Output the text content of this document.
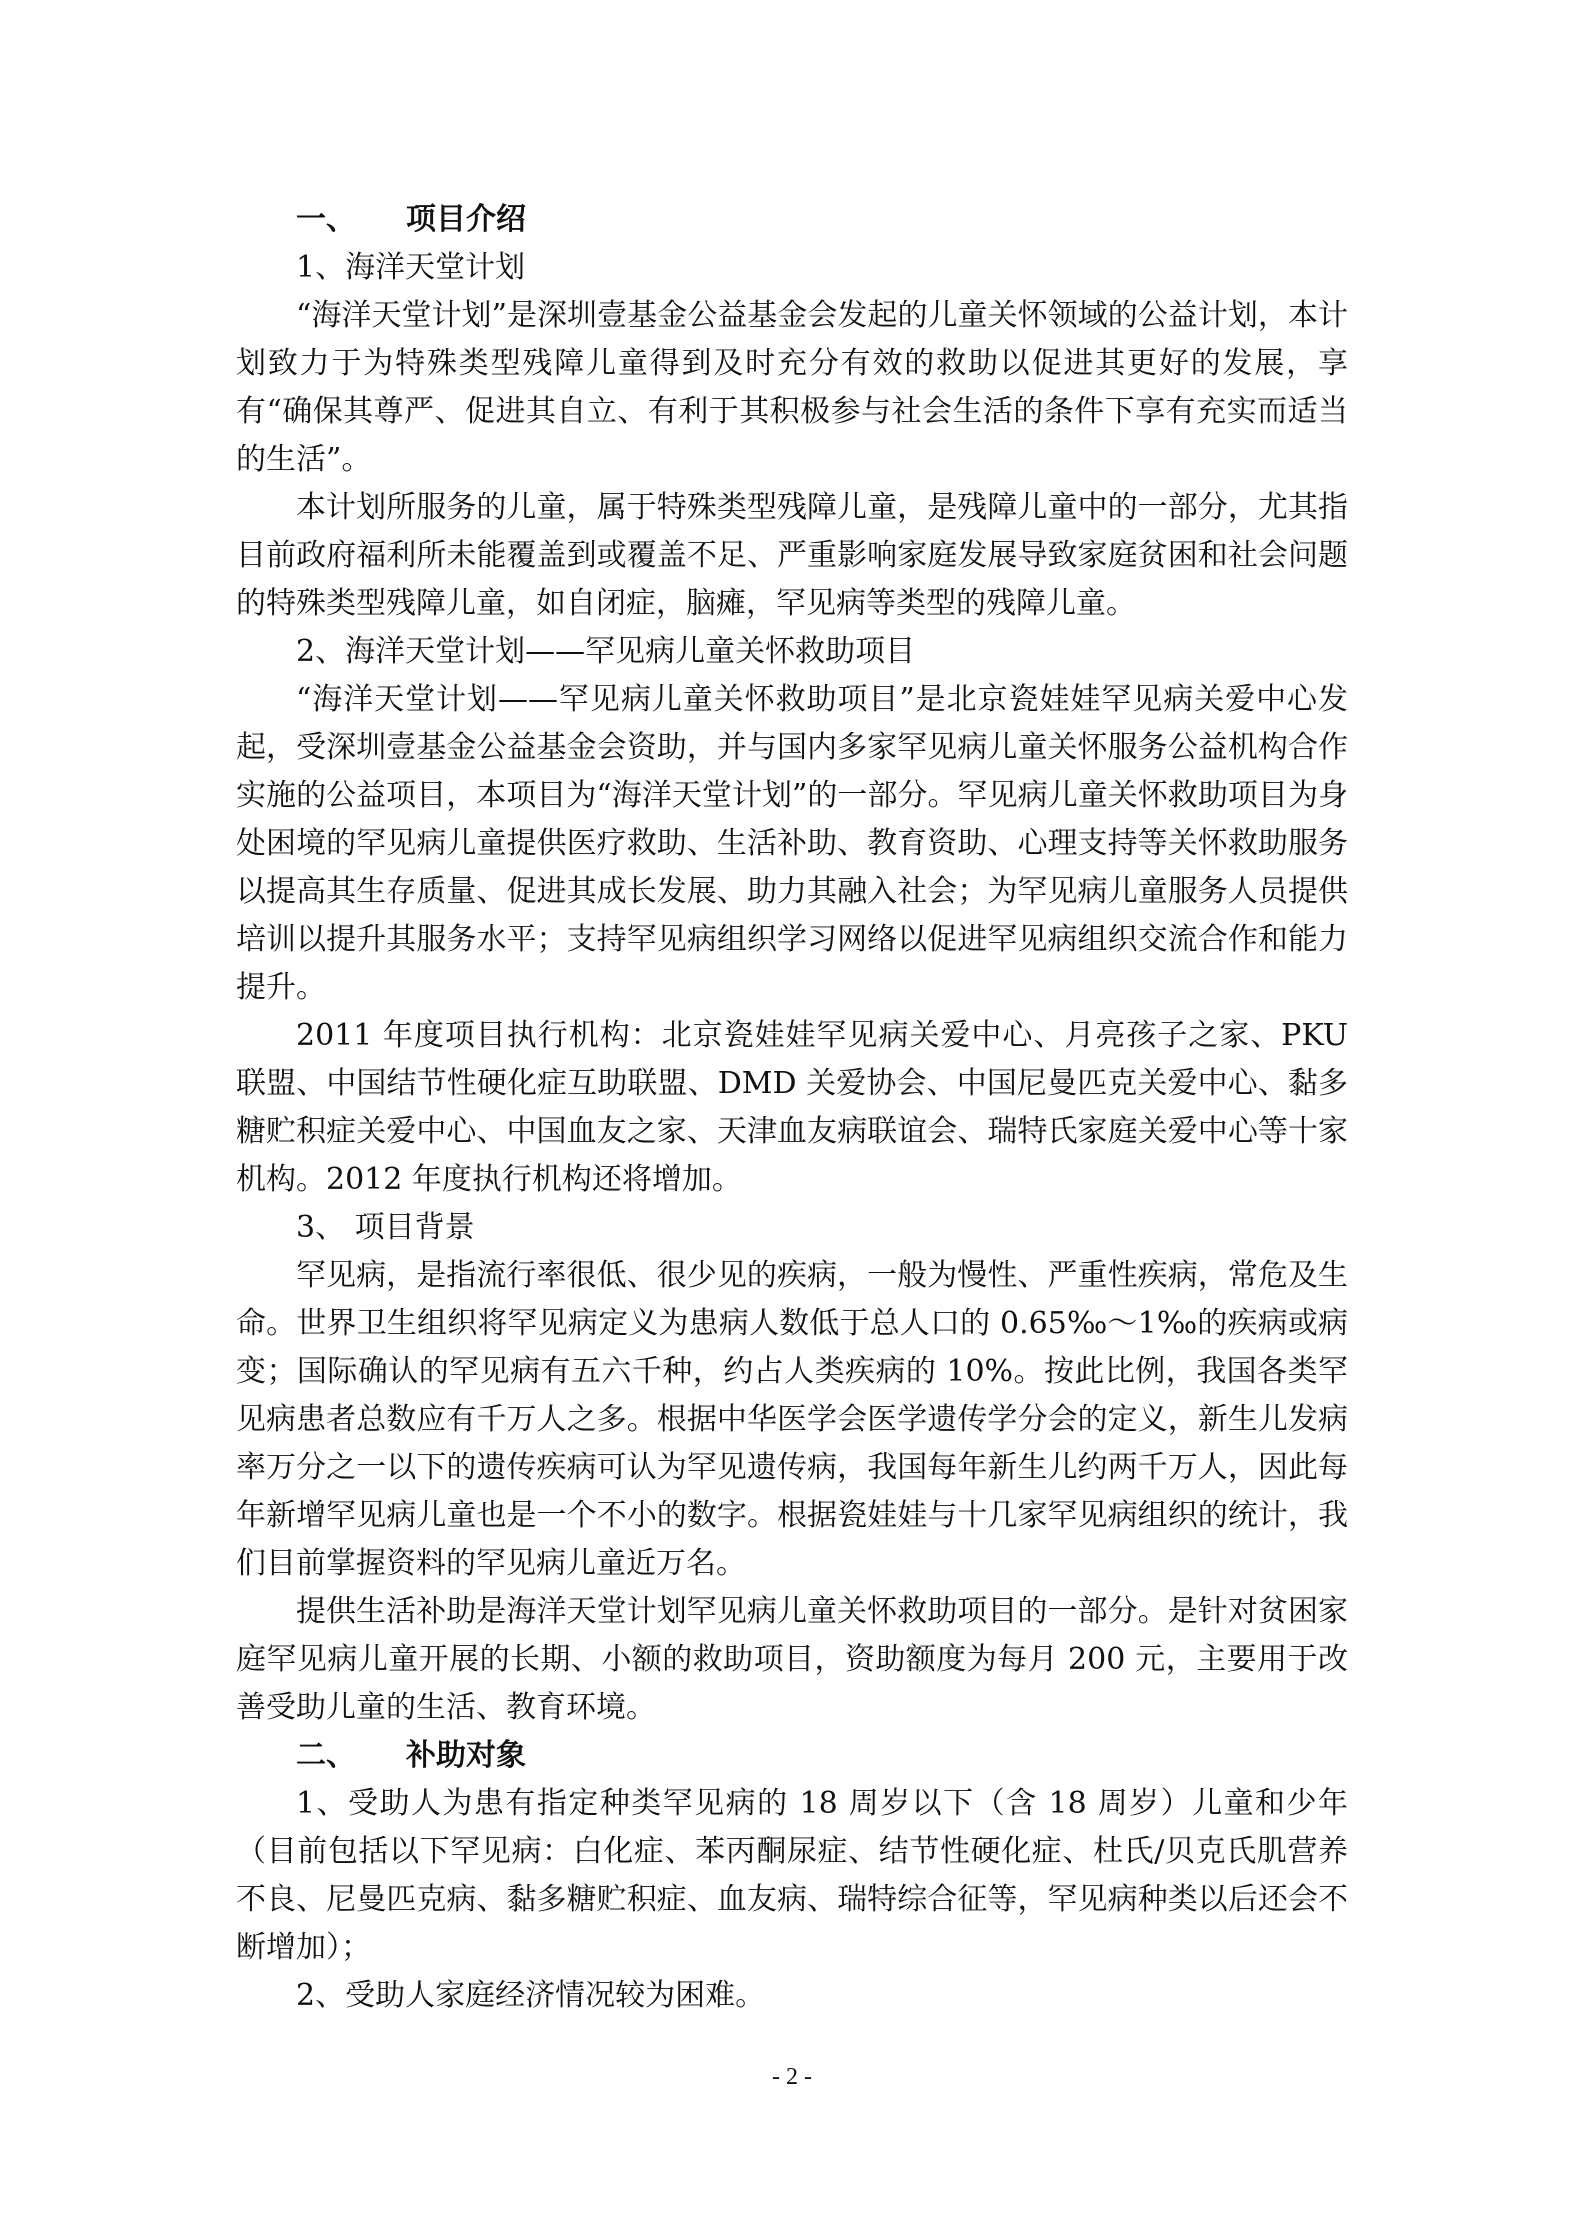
一、 项目介绍

1、海洋天堂计划

“海洋天堂计划”是深圳壹基金公益基金会发起的儿童关怀领域的公益计划，本计划致力于为特殊类型残障儿童得到及时充分有效的救助以促进其更好的发展，享有“确保其尊严、促进其自立、有利于其积极参与社会生活的条件下享有充实而适当的生活”。

本计划所服务的儿童，属于特殊类型残障儿童，是残障儿童中的一部分，尤其指目前政府福利所未能覆盖到或覆盖不足、严重影响家庭发展导致家庭贫困和社会问题的特殊类型残障儿童，如自闭症，脑瘫，罕见病等类型的残障儿童。

2、海洋天堂计划——罕见病儿童关怀救助项目

“海洋天堂计划——罕见病儿童关怀救助项目”是北京瓷娃娃罕见病关爱中心发起，受深圳壹基金公益基金会资助，并与国内多家罕见病儿童关怀服务公益机构合作实施的公益项目，本项目为“海洋天堂计划”的一部分。罕见病儿童关怀救助项目为身处困境的罕见病儿童提供医疗救助、生活补助、教育资助、心理支持等关怀救助服务以提高其生存质量、促进其成长发展、助力其融入社会；为罕见病儿童服务人员提供培训以提升其服务水平；支持罕见病组织学习网络以促进罕见病组织交流合作和能力提升。

2011 年度项目执行机构：北京瓷娃娃罕见病关爱中心、月亮孩子之家、PKU 联盟、中国结节性硬化症互助联盟、DMD 关爱协会、中国尼曼匹克关爱中心、黏多糖贮积症关爱中心、中国血友之家、天津血友病联谊会、瑞特氏家庭关爱中心等十家机构。2012 年度执行机构还将增加。

3、 项目背景

罕见病，是指流行率很低、很少见的疾病，一般为慢性、严重性疾病，常危及生命。世界卫生组织将罕见病定义为患病人数低于总人口的 0.65‰～1‰的疾病或病变；国际确认的罕见病有五六千种，约占人类疾病的 10%。按此比例，我国各类罕见病患者总数应有千万人之多。根据中华医学会医学遗传学分会的定义，新生儿发病率万分之一以下的遗传疾病可认为罕见遗传病，我国每年新生儿约两千万人，因此每年新增罕见病儿童也是一个不小的数字。根据瓷娃娃与十几家罕见病组织的统计，我们目前掌握资料的罕见病儿童近万名。

提供生活补助是海洋天堂计划罕见病儿童关怀救助项目的一部分。是针对贫困家庭罕见病儿童开展的长期、小额的救助项目，资助额度为每月 200 元，主要用于改善受助儿童的生活、教育环境。

二、 补助对象

1、受助人为患有指定种类罕见病的 18 周岁以下（含 18 周岁）儿童和少年（目前包括以下罕见病：白化症、苯丙酮尿症、结节性硬化症、杜氏/贝克氏肌营养不良、尼曼匹克病、黏多糖贮积症、血友病、瑞特综合征等，罕见病种类以后还会不断增加）；

2、受助人家庭经济情况较为困难。

- 2 -
